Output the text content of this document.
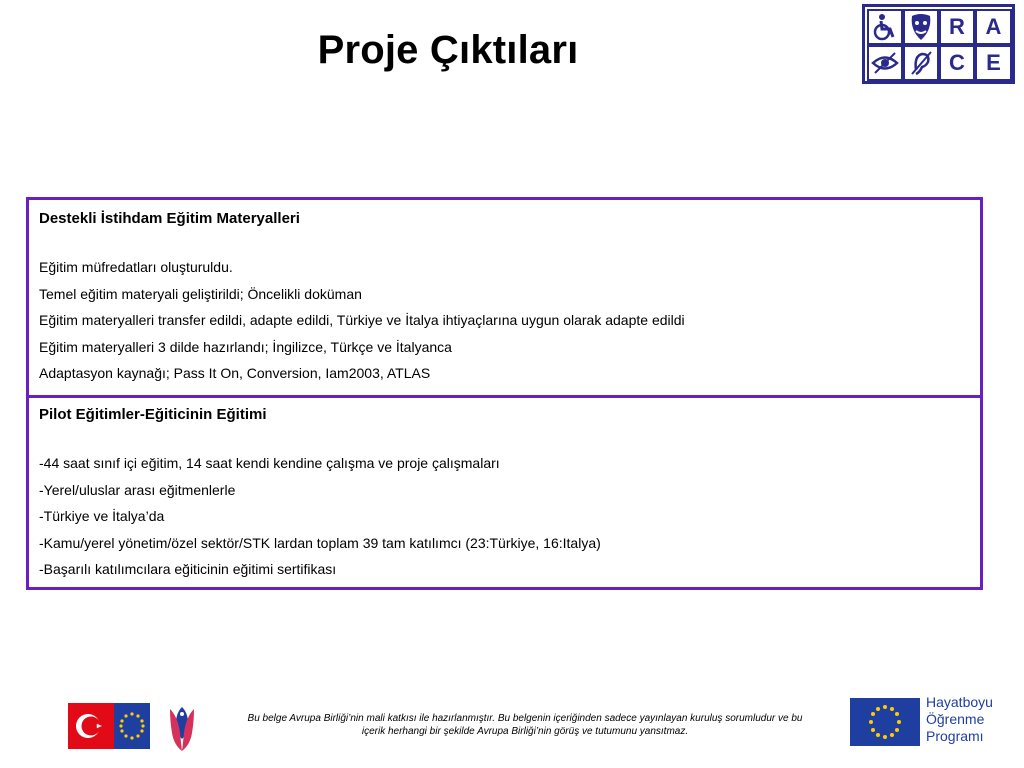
Proje Çıktıları
R A
C E
Destekli İstihdam Eğitim Materyalleri
Eğitim müfredatları oluşturuldu.
Temel eğitim materyali geliştirildi; Öncelikli doküman
Eğitim materyalleri transfer edildi, adapte edildi, Türkiye ve İtalya ihtiyaçlarına uygun olarak adapte edildi
Eğitim materyalleri 3 dilde hazırlandı; İngilizce, Türkçe ve İtalyanca
Adaptasyon kaynağı; Pass It On, Conversion, Iam2003, ATLAS
Pilot Eğitimler-Eğiticinin Eğitimi
-44 saat sınıf içi eğitim, 14 saat kendi kendine çalışma ve proje çalışmaları
-Yerel/uluslar arası eğitmenlerle
-Türkiye ve İtalya’da
-Kamu/yerel yönetim/özel sektör/STK lardan toplam 39 tam katılımcı (23:Türkiye, 16:Italya)
-Başarılı katılımcılara eğiticinin eğitimi sertifikası
Bu belge Avrupa Birliği’nin mali katkısı ile hazırlanmıştır. Bu belgenin içeriğinden sadece yayınlayan kuruluş sorumludur ve bu içerik herhangi bir şekilde Avrupa Birliği’nin görüş ve tutumunu yansıtmaz.
Hayatboyu
Öğrenme
Programı
